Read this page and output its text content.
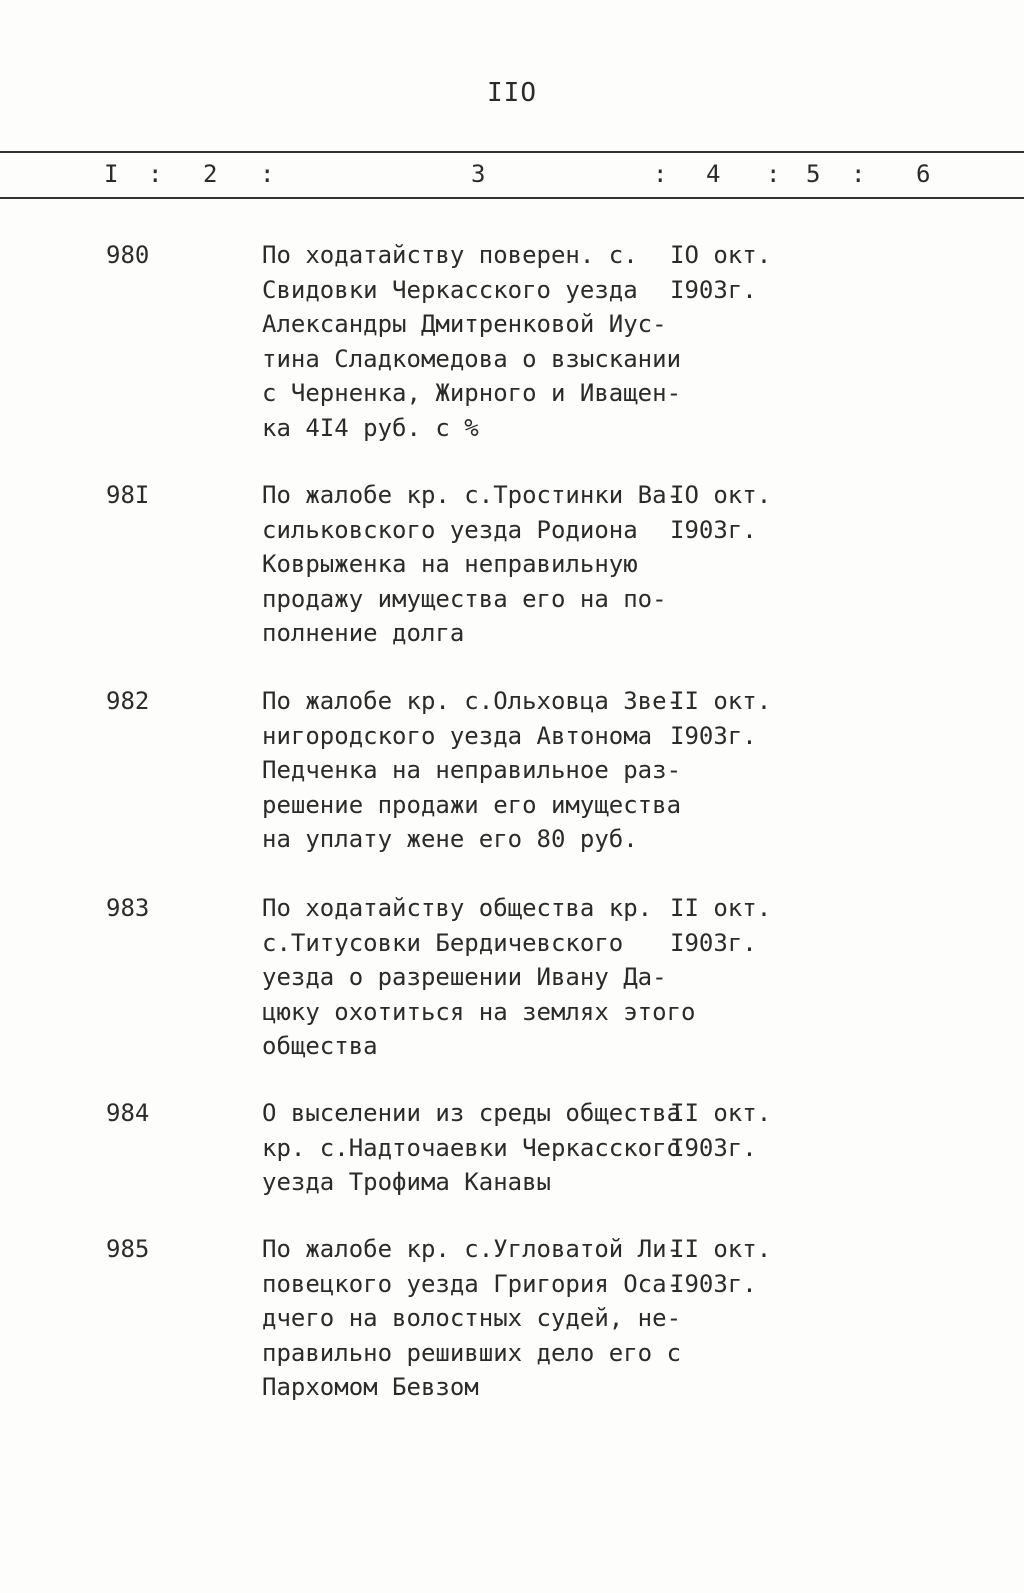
IIO
I : 2 :	3	: 4 : 5 : 6
980	По ходатайству поверен. с.
Свидовки Черкасского уезда
Александры Дмитренковой Иус-
тина Сладкомедова о взыскании
с Черненка, Жирного и Иващен-
ка 4I4 руб. с %
IO окт.
I903г.
98I	По жалобе кр. с.Тростинки Ва-
сильковского уезда Родиона
Коврыженка на неправильную
продажу имущества его на по-
полнение долга
IO окт.
I903г.
982	По жалобе кр. с.Ольховца Зве-
нигородского уезда Автонома
Педченка на неправильное раз-
решение продажи его имущества
на уплату жене его 80 руб.
II окт.
I903г.
983	По ходатайству общества кр.
с.Титусовки Бердичевского
уезда о разрешении Ивану Да-
цюку охотиться на землях этого
общества
II окт.
I903г.
984	О выселении из среды общества
кр. с.Надточаевки Черкасского
уезда Трофима Канавы
II окт.
I903г.
985	По жалобе кр. с.Угловатой Ли-
повецкого уезда Григория Оса-
дчего на волостных судей, не-
правильно решивших дело его с
Пархомом Бевзом
II окт.
I903г.
